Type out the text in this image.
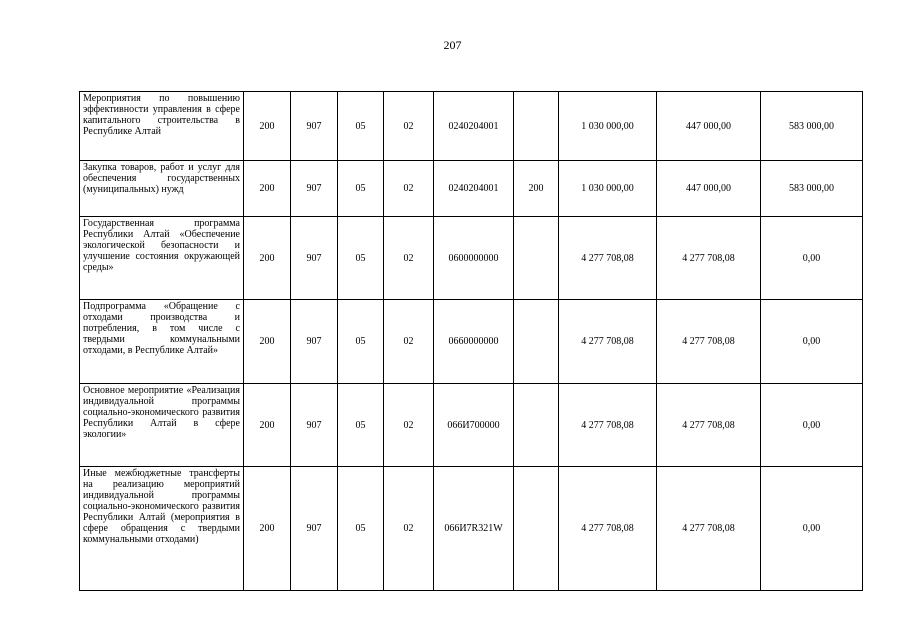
207
Мероприятия по повышению эффективности управления в сфере капитального строительства в Республике Алтай	200	907	05	02	0240204001		1 030 000,00	447 000,00	583 000,00
Закупка товаров, работ и услуг для обеспечения государственных (муниципальных) нужд	200	907	05	02	0240204001	200	1 030 000,00	447 000,00	583 000,00
Государственная программа Республики Алтай «Обеспечение экологической безопасности и улучшение состояния окружающей среды»	200	907	05	02	0600000000		4 277 708,08	4 277 708,08	0,00
Подпрограмма «Обращение с отходами производства и потребления, в том числе с твердыми коммунальными отходами, в Республике Алтай»	200	907	05	02	0660000000		4 277 708,08	4 277 708,08	0,00
Основное мероприятие «Реализация индивидуальной программы социально-экономического развития Республики Алтай в сфере экологии»	200	907	05	02	066И700000		4 277 708,08	4 277 708,08	0,00
Иные межбюджетные трансферты на реализацию мероприятий индивидуальной программы социально-экономического развития Республики Алтай (мероприятия в сфере обращения с твердыми коммунальными отходами)	200	907	05	02	066И7R321W		4 277 708,08	4 277 708,08	0,00
